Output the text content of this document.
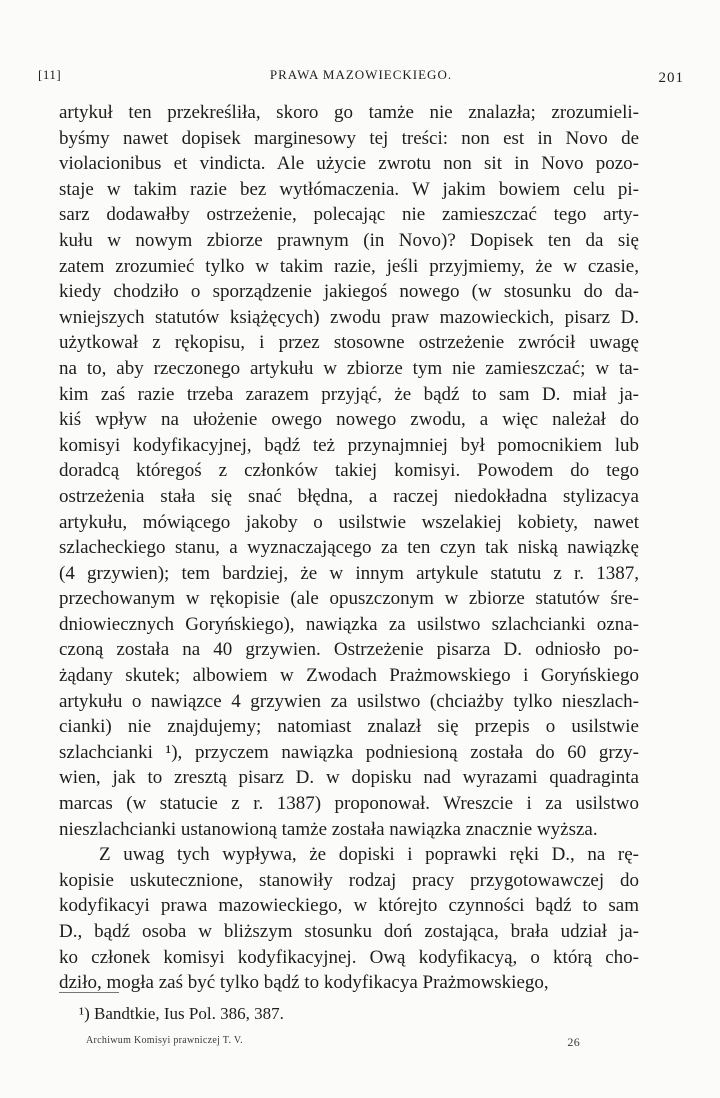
[11]	PRAWA MAZOWIECKIEGO.	201
artykuł ten przekreśliła, skoro go tamże nie znalazła; zrozumieli-
byśmy nawet dopisek marginesowy tej treści: non est in Novo de
violacionibus et vindicta. Ale użycie zwrotu non sit in Novo pozo-
staje w takim razie bez wytłómaczenia. W jakim bowiem celu pi-
sarz dodawałby ostrzeżenie, polecając nie zamieszczać tego arty-
kułu w nowym zbiorze prawnym (in Novo)? Dopisek ten da się
zatem zrozumieć tylko w takim razie, jeśli przyjmiemy, że w czasie,
kiedy chodziło o sporządzenie jakiegoś nowego (w stosunku do da-
wniejszych statutów książęcych) zwodu praw mazowieckich, pisarz D.
użytkował z rękopisu, i przez stosowne ostrzeżenie zwrócił uwagę
na to, aby rzeczonego artykułu w zbiorze tym nie zamieszczać; w ta-
kim zaś razie trzeba zarazem przyjąć, że bądź to sam D. miał ja-
kiś wpływ na ułożenie owego nowego zwodu, a więc należał do
komisyi kodyfikacyjnej, bądź też przynajmniej był pomocnikiem lub
doradcą któregoś z członków takiej komisyi. Powodem do tego
ostrzeżenia stała się snać błędna, a raczej niedokładna stylizacya
artykułu, mówiącego jakoby o usilstwie wszelakiej kobiety, nawet
szlacheckiego stanu, a wyznaczającego za ten czyn tak niską nawiązkę
(4 grzywien); tem bardziej, że w innym artykule statutu z r. 1387,
przechowanym w rękopisie (ale opuszczonym w zbiorze statutów śre-
dniowiecznych Goryńskiego), nawiązka za usilstwo szlachcianki ozna-
czoną została na 40 grzywien. Ostrzeżenie pisarza D. odniosło po-
żądany skutek; albowiem w Zwodach Prażmowskiego i Goryńskiego
artykułu o nawiązce 4 grzywien za usilstwo (chciażby tylko nieszlach-
cianki) nie znajdujemy; natomiast znalazł się przepis o usilstwie
szlachcianki ¹), przyczem nawiązka podniesioną została do 60 grzy-
wien, jak to zresztą pisarz D. w dopisku nad wyrazami quadraginta
marcas (w statucie z r. 1387) proponował. Wreszcie i za usilstwo
nieszlachcianki ustanowioną tamże została nawiązka znacznie wyższa.
Z uwag tych wypływa, że dopiski i poprawki ręki D., na rę-
kopisie uskutecznione, stanowiły rodzaj pracy przygotowawczej do
kodyfikacyi prawa mazowieckiego, w którejto czynności bądź to sam
D., bądź osoba w bliższym stosunku doń zostająca, brała udział ja-
ko członek komisyi kodyfikacyjnej. Ową kodyfikacyą, o którą cho-
dziło, mogła zaś być tylko bądź to kodyfikacya Prażmowskiego,
¹) Bandtkie, Ius Pol. 386, 387.
Archiwum Komisyi prawniczej T. V.	26
